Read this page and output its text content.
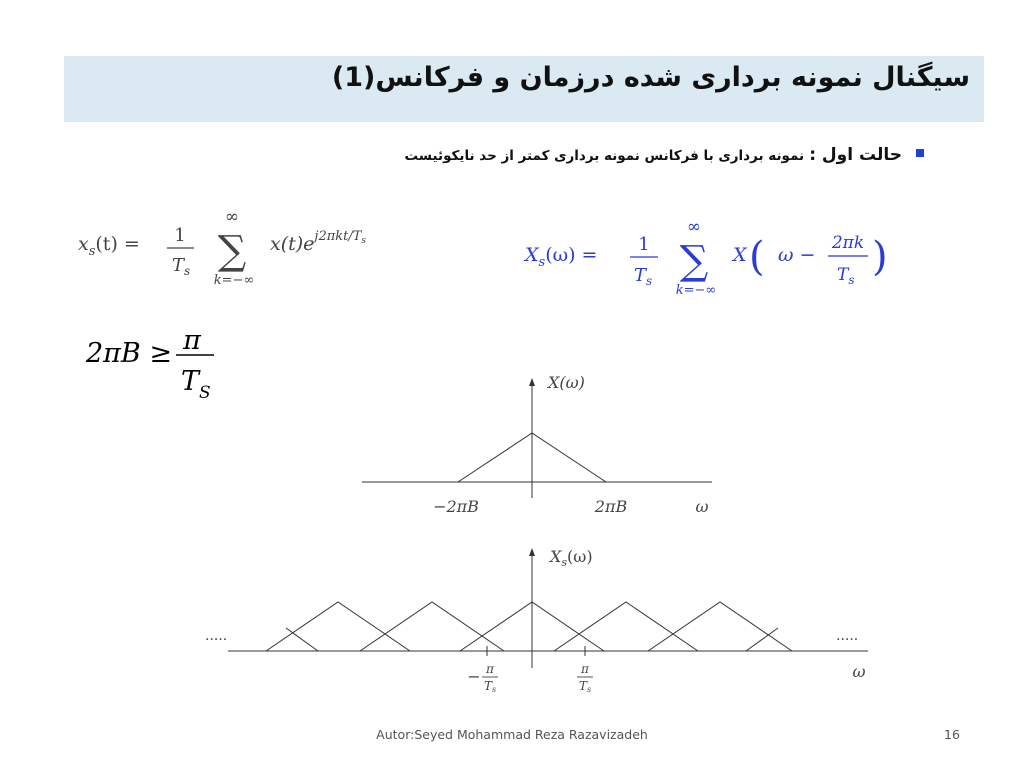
سیگنال نمونه برداری شده درزمان و فرکانس(1)
حالت اول : نمونه برداری با فرکانس نمونه برداری کمتر از حد نایکوئیست
$x_s(t) = 1$
$T_s$
∞
∑
k=−∞
$x(t)e^{j2\pi kt/T}s$
$X_s(\omega) = 1$
$T_s$
∞
∑
k=−∞
X ( ω −
2πk
$T_s$ )
2πB ≥ π
$T_S$
X(ω)
−2πB	2πB	ω
$X_s(\omega)$
.....	.....
− π
Ts
π
Ts
ω
Autor:Seyed Mohammad Reza Razavizadeh	16
